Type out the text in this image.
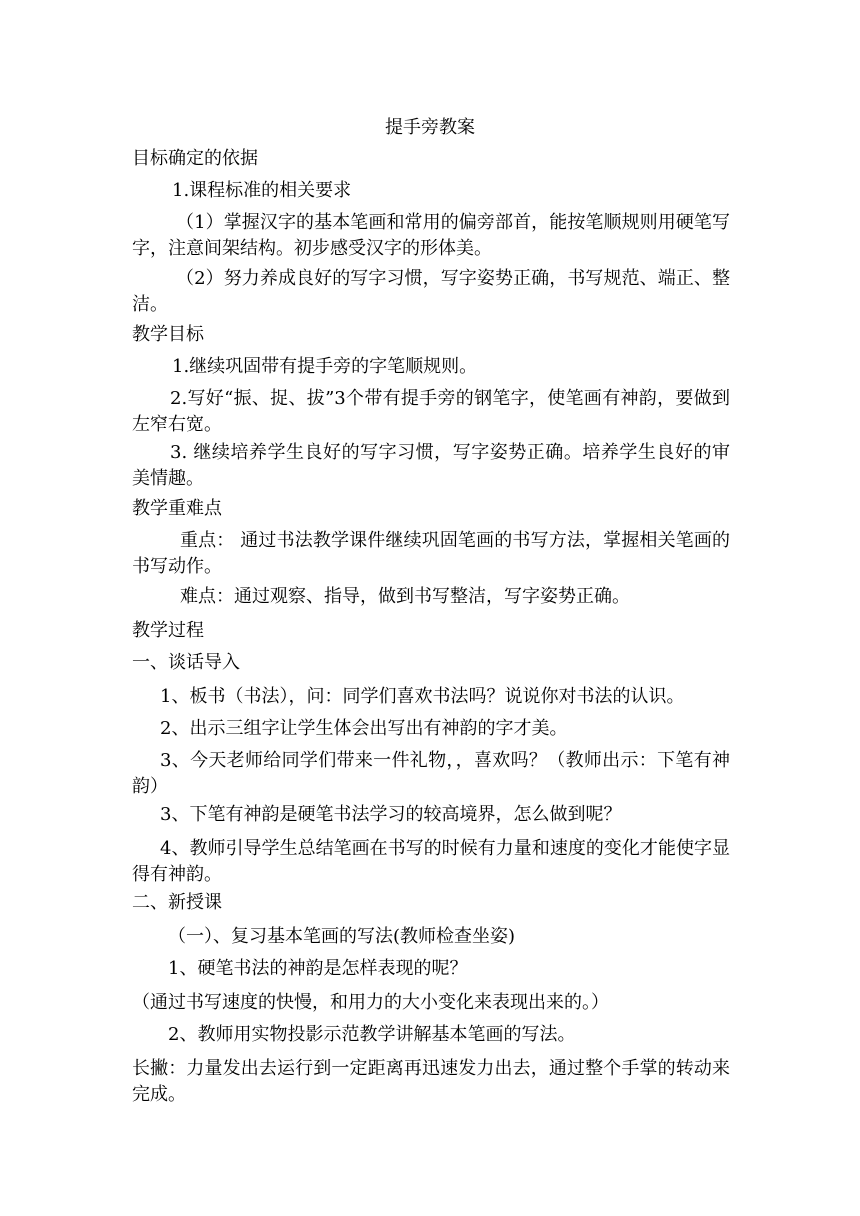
提手旁教案

目标确定的依据

1.课程标准的相关要求

（1）掌握汉字的基本笔画和常用的偏旁部首，能按笔顺规则用硬笔写字，注意间架结构。初步感受汉字的形体美。

（2）努力养成良好的写字习惯，写字姿势正确，书写规范、端正、整洁。

教学目标

1.继续巩固带有提手旁的字笔顺规则。

2.写好“振、捉、拔”3个带有提手旁的钢笔字，使笔画有神韵，要做到左窄右宽。

3. 继续培养学生良好的写字习惯，写字姿势正确。培养学生良好的审美情趣。

教学重难点

重点： 通过书法教学课件继续巩固笔画的书写方法，掌握相关笔画的书写动作。

难点：通过观察、指导，做到书写整洁，写字姿势正确。

教学过程

一、谈话导入

1、板书（书法），问：同学们喜欢书法吗？说说你对书法的认识。

2、出示三组字让学生体会出写出有神韵的字才美。

3、今天老师给同学们带来一件礼物，，喜欢吗？（教师出示：下笔有神韵）

3、下笔有神韵是硬笔书法学习的较高境界，怎么做到呢？

4、教师引导学生总结笔画在书写的时候有力量和速度的变化才能使字显得有神韵。

二、新授课

（一）、复习基本笔画的写法(教师检查坐姿)

1、硬笔书法的神韵是怎样表现的呢？

（通过书写速度的快慢，和用力的大小变化来表现出来的。）

2、教师用实物投影示范教学讲解基本笔画的写法。

长撇：力量发出去运行到一定距离再迅速发力出去，通过整个手掌的转动来完成。
